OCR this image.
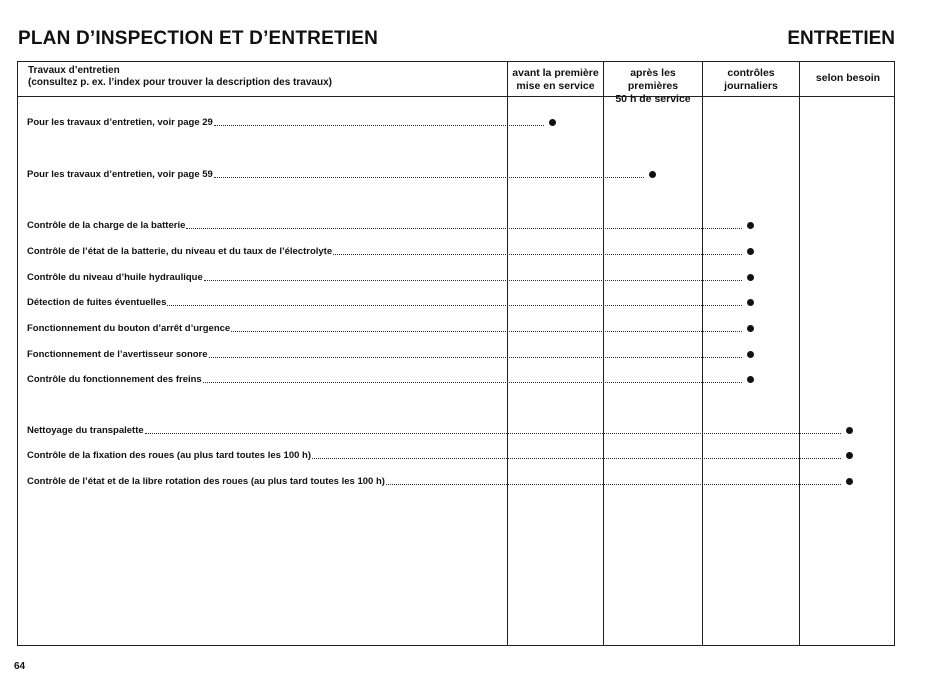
PLAN D’INSPECTION ET D’ENTRETIEN	ENTRETIEN
Travaux d’entretien
(consultez p. ex. l’index pour trouver la description des travaux)
avant la première
mise en service
après les premières
50 h de service
contrôles
journaliers
selon besoin
Pour les travaux d’entretien, voir page 29
Pour les travaux d’entretien, voir page 59
Contrôle de la charge de la batterie
Contrôle de l’état de la batterie, du niveau et du taux de l’électrolyte
Contrôle du niveau d’huile hydraulique
Détection de fuites éventuelles
Fonctionnement du bouton d’arrêt d’urgence
Fonctionnement de l’avertisseur sonore
Contrôle du fonctionnement des freins
Nettoyage du transpalette
Contrôle de la fixation des roues (au plus tard toutes les 100 h)
Contrôle de l’état et de la libre rotation des roues (au plus tard toutes les 100 h)
64
